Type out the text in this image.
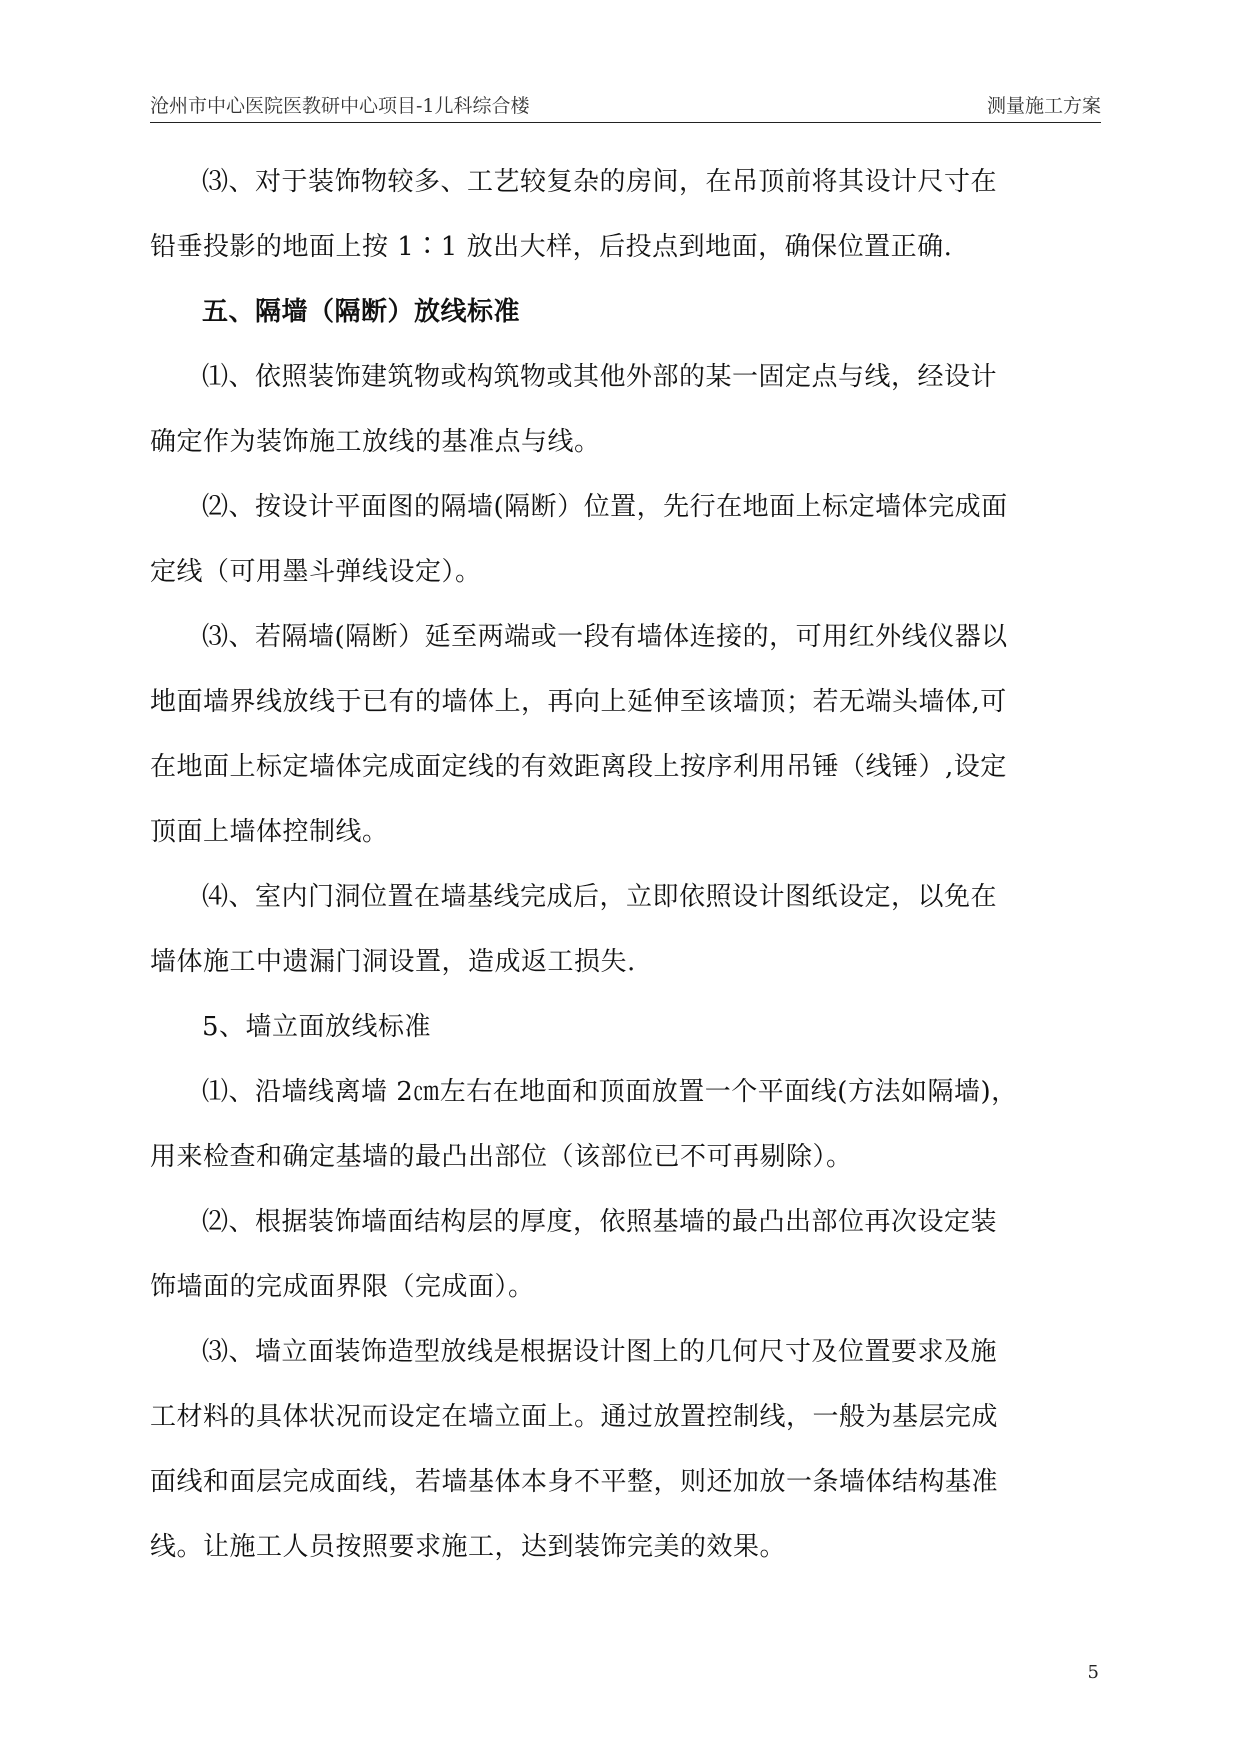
沧州市中心医院医教研中心项目-1儿科综合楼	测量施工方案
⑶、对于装饰物较多、工艺较复杂的房间，在吊顶前将其设计尺寸在
铅垂投影的地面上按 1∶1 放出大样，后投点到地面，确保位置正确.
五、隔墙（隔断）放线标准
⑴、依照装饰建筑物或构筑物或其他外部的某一固定点与线，经设计
确定作为装饰施工放线的基准点与线。
⑵、按设计平面图的隔墙(隔断）位置，先行在地面上标定墙体完成面
定线（可用墨斗弹线设定）。
⑶、若隔墙(隔断）延至两端或一段有墙体连接的，可用红外线仪器以
地面墙界线放线于已有的墙体上，再向上延伸至该墙顶；若无端头墙体,可
在地面上标定墙体完成面定线的有效距离段上按序利用吊锤（线锤）,设定
顶面上墙体控制线。
⑷、室内门洞位置在墙基线完成后，立即依照设计图纸设定，以免在
墙体施工中遗漏门洞设置，造成返工损失.
5、墙立面放线标准
⑴、沿墙线离墙 2㎝左右在地面和顶面放置一个平面线(方法如隔墙)，
用来检查和确定基墙的最凸出部位（该部位已不可再剔除）。
⑵、根据装饰墙面结构层的厚度，依照基墙的最凸出部位再次设定装
饰墙面的完成面界限（完成面）。
⑶、墙立面装饰造型放线是根据设计图上的几何尺寸及位置要求及施
工材料的具体状况而设定在墙立面上。通过放置控制线，一般为基层完成
面线和面层完成面线，若墙基体本身不平整，则还加放一条墙体结构基准
线。让施工人员按照要求施工，达到装饰完美的效果。
5
